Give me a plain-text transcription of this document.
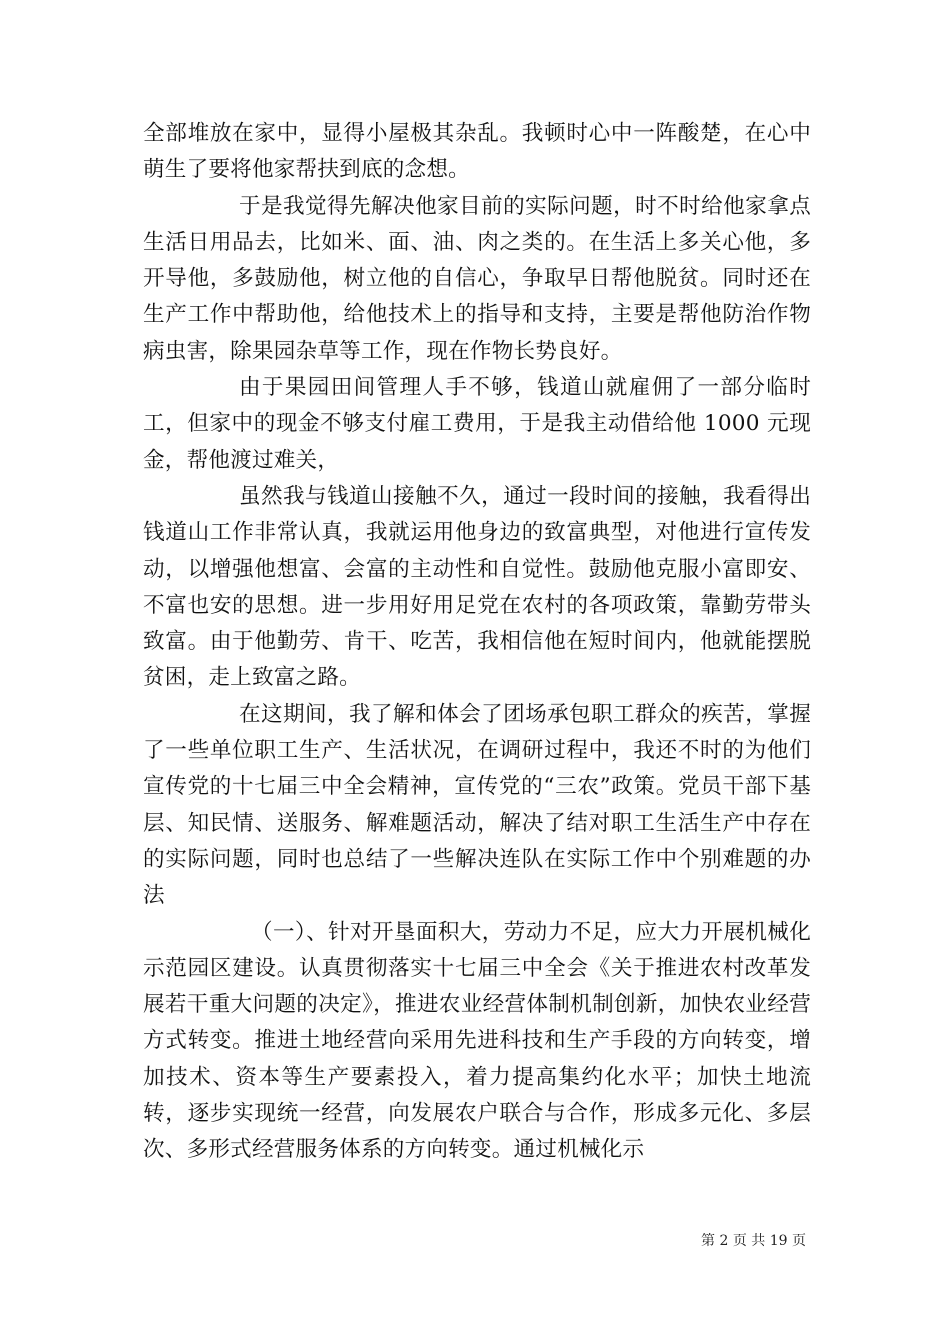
全部堆放在家中，显得小屋极其杂乱。我顿时心中一阵酸楚，在心中萌生了要将他家帮扶到底的念想。

于是我觉得先解决他家目前的实际问题，时不时给他家拿点生活日用品去，比如米、面、油、肉之类的。在生活上多关心他，多开导他，多鼓励他，树立他的自信心，争取早日帮他脱贫。同时还在生产工作中帮助他，给他技术上的指导和支持，主要是帮他防治作物病虫害，除果园杂草等工作，现在作物长势良好。

由于果园田间管理人手不够，钱道山就雇佣了一部分临时工，但家中的现金不够支付雇工费用，于是我主动借给他 1000 元现金，帮他渡过难关，

虽然我与钱道山接触不久，通过一段时间的接触，我看得出钱道山工作非常认真，我就运用他身边的致富典型，对他进行宣传发动，以增强他想富、会富的主动性和自觉性。鼓励他克服小富即安、不富也安的思想。进一步用好用足党在农村的各项政策，靠勤劳带头致富。由于他勤劳、肯干、吃苦，我相信他在短时间内，他就能摆脱贫困，走上致富之路。

在这期间，我了解和体会了团场承包职工群众的疾苦，掌握了一些单位职工生产、生活状况，在调研过程中，我还不时的为他们宣传党的十七届三中全会精神，宣传党的“三农”政策。党员干部下基层、知民情、送服务、解难题活动，解决了结对职工生活生产中存在的实际问题，同时也总结了一些解决连队在实际工作中个别难题的办法

（一）、针对开垦面积大，劳动力不足，应大力开展机械化示范园区建设。认真贯彻落实十七届三中全会《关于推进农村改革发展若干重大问题的决定》，推进农业经营体制机制创新，加快农业经营方式转变。推进土地经营向采用先进科技和生产手段的方向转变，增加技术、资本等生产要素投入，着力提高集约化水平；加快土地流转，逐步实现统一经营，向发展农户联合与合作，形成多元化、多层次、多形式经营服务体系的方向转变。通过机械化示

第 2 页 共 19 页
